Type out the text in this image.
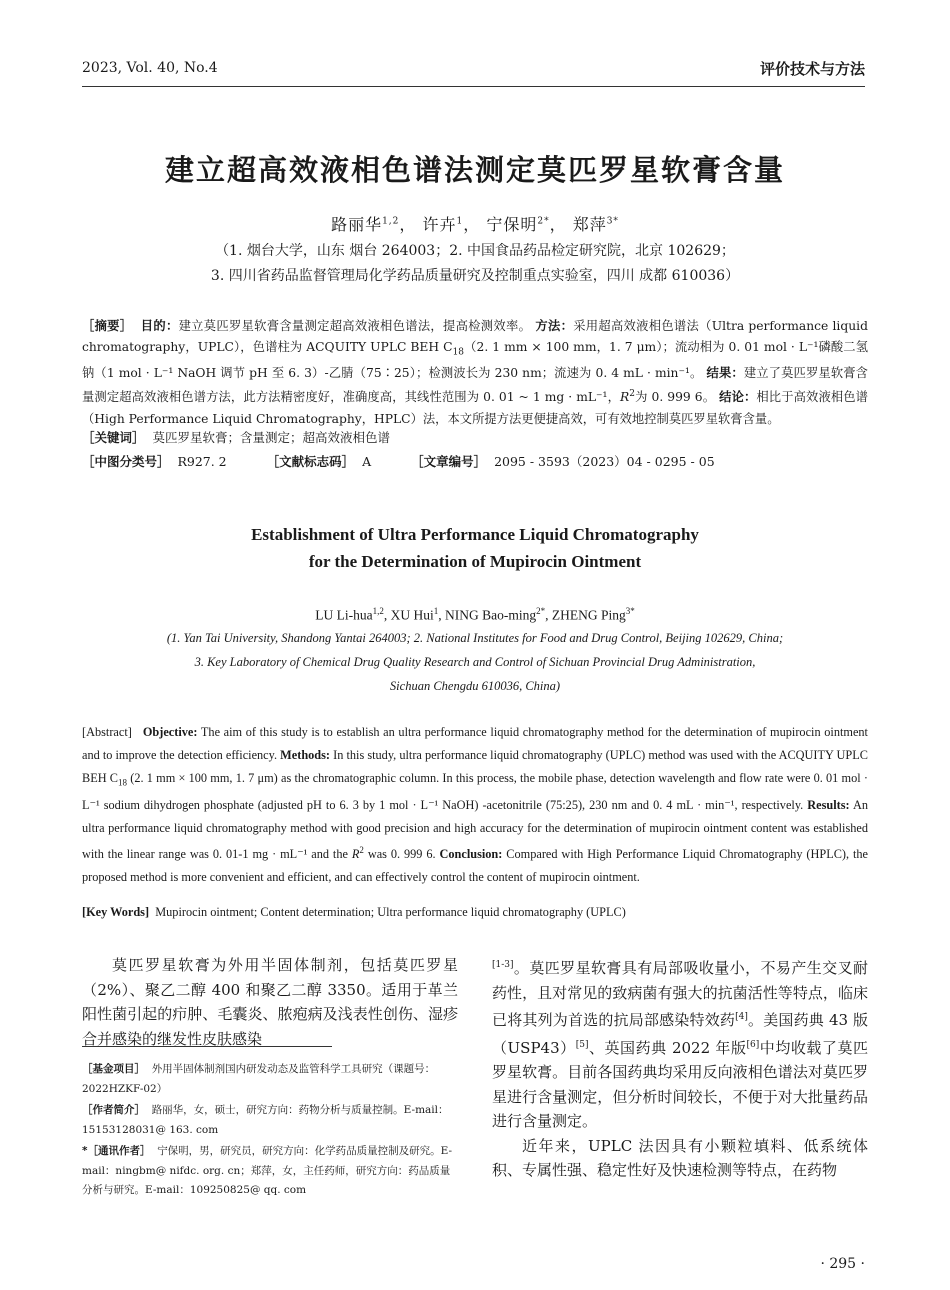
2023, Vol. 40, No.4	评价技术与方法
建立超高效液相色谱法测定莫匹罗星软膏含量
路丽华$^{1,2}$， 许卉$^1$， 宁保明$^{2*}$， 郑萍$^{3*}$
（1. 烟台大学，山东 烟台 264003；2. 中国食品药品检定研究院，北京 102629；
3. 四川省药品监督管理局化学药品质量研究及控制重点实验室，四川 成都 610036）
［摘要］ 目的：建立莫匹罗星软膏含量测定超高效液相色谱法，提高检测效率。 方法：采用超高效液相色谱法（Ultra performance liquid chromatography，UPLC），色谱柱为 ACQUITY UPLC BEH $C_{18}(2$. 1 mm × 100 mm，1. 7 μm）；流动相为 0. 01 mol · L⁻¹磷酸二氢钠（1 mol · L⁻¹ NaOH 调节 pH 至 6. 3）-乙腈（75∶25）；检测波长为 230 nm；流速为 0. 4 mL · min⁻¹。 结果：建立了莫匹罗星软膏含量测定超高效液相色谱方法，此方法精密度好，准确度高，其线性范围为 0. 01 ~ 1 mg · mL⁻¹，$R^2$为 0. 999 6。 结论：相比于高效液相色谱（High Performance Liquid Chromatography，HPLC）法，本文所提方法更便捷高效，可有效地控制莫匹罗星软膏含量。
［关键词］ 莫匹罗星软膏；含量测定；超高效液相色谱
［中图分类号］ R927. 2	［文献标志码］ A	［文章编号］ 2095 - 3593（2023）04 - 0295 - 05
Establishment of Ultra Performance Liquid Chromatography
for the Determination of Mupirocin Ointment
LU Li-hua$^{1,2}$, XU Hui$^1$, NING Bao-ming$^{2*}$, ZHENG Ping$^{3*}$
(1. Yan Tai University, Shandong Yantai 264003; 2. National Institutes for Food and Drug Control, Beijing 102629, China;
3. Key Laboratory of Chemical Drug Quality Research and Control of Sichuan Provincial Drug Administration,
Sichuan Chengdu 610036, China)
[Abstract] Objective: The aim of this study is to establish an ultra performance liquid chromatography method for the determination of mupirocin ointment and to improve the detection efficiency. Methods: In this study, ultra performance liquid chromatography (UPLC) method was used with the ACQUITY UPLC BEH $C_{18}$ (2. 1 mm × 100 mm, 1. 7 μm) as the chromatographic column. In this process, the mobile phase, detection wavelength and flow rate were 0. 01 mol · L⁻¹ sodium dihydrogen phosphate (adjusted pH to 6. 3 by 1 mol · L⁻¹ NaOH) -acetonitrile (75:25), 230 nm and 0. 4 mL · min⁻¹, respectively. Results: An ultra performance liquid chromatography method with good precision and high accuracy for the determination of mupirocin ointment content was established with the linear range was 0. 01-1 mg · mL⁻¹ and the $R^2$ was 0. 999 6. Conclusion: Compared with High Performance Liquid Chromatography (HPLC), the proposed method is more convenient and efficient, and can effectively control the content of mupirocin ointment.
[Key Words] Mupirocin ointment; Content determination; Ultra performance liquid chromatography (UPLC)

莫匹罗星软膏为外用半固体制剂，包括莫匹罗星（2%）、聚乙二醇 400 和聚乙二醇 3350。适用于革兰阳性菌引起的疖肿、毛囊炎、脓疱病及浅表性创伤、湿疹合并感染的继发性皮肤感染

［基金项目］ 外用半固体制剂国内研发动态及监管科学工具研究（课题号：2022HZKF-02）
［作者简介］ 路丽华，女，硕士，研究方向：药物分析与质量控制。E-mail：15153128031@ 163. com
*［通讯作者］ 宁保明，男，研究员，研究方向：化学药品质量控制及研究。E-mail：ningbm@ nifdc. org. cn；郑萍，女，主任药师，研究方向：药品质量分析与研究。E-mail：109250825@ qq. com

[1-3]。莫匹罗星软膏具有局部吸收量小，不易产生交叉耐药性，且对常见的致病菌有强大的抗菌活性等特点，临床已将其列为首选的抗局部感染特效药[4]。美国药典 43 版（USP43）[5]、英国药典 2022 年版[6]中均收载了莫匹罗星软膏。目前各国药典均采用反向液相色谱法对莫匹罗星进行含量测定，但分析时间较长，不便于对大批量药品进行含量测定。

近年来，UPLC 法因具有小颗粒填料、低系统体积、专属性强、稳定性好及快速检测等特点，在药物

· 295 ·
